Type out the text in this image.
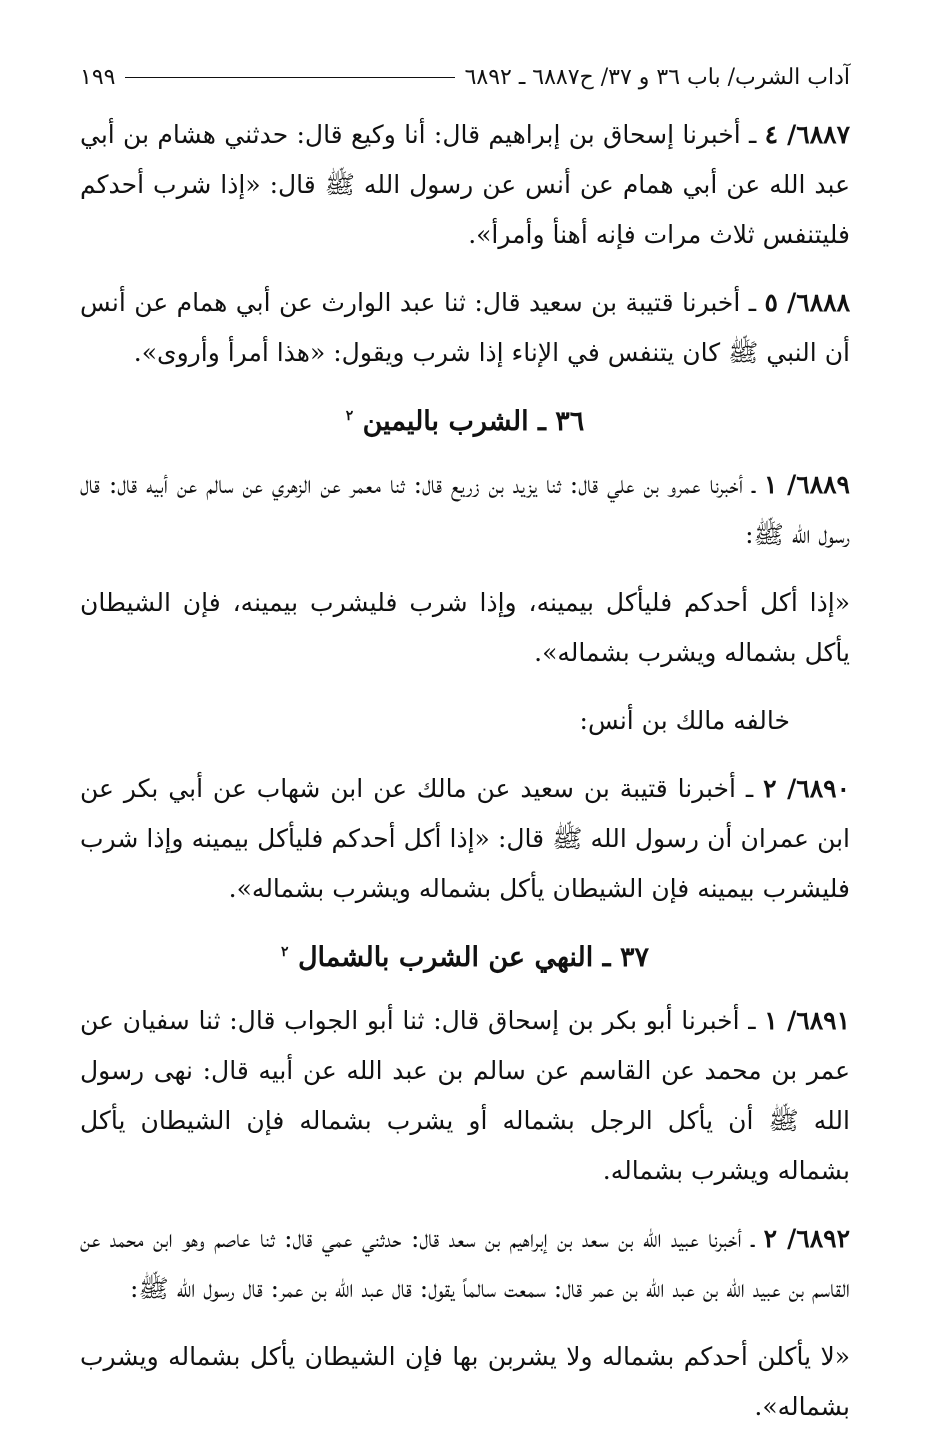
آداب الشرب/ باب ٣٦ و ٣٧/ ح٦٨٨٧ ـ ٦٨٩٢
١٩٩

٦٨٨٧/ ٤ ـ أخبرنا إسحاق بن إبراهيم قال: أنا وكيع قال: حدثني هشام بن أبي عبد الله عن أبي همام عن أنس عن رسول الله ﷺ قال: «إذا شرب أحدكم فليتنفس ثلاث مرات فإنه أهنأ وأمرأ».

٦٨٨٨/ ٥ ـ أخبرنا قتيبة بن سعيد قال: ثنا عبد الوارث عن أبي همام عن أنس أن النبي ﷺ كان يتنفس في الإناء إذا شرب ويقول: «هذا أمرأ وأروى».

٣٦ ـ الشرب باليمين $^٢$

٦٨٨٩/ ١ ـ أخبرنا عمرو بن علي قال: ثنا يزيد بن زريع قال: ثنا معمر عن الزهري عن سالم عن أبيه قال: قال رسول الله ﷺ:

«إذا أكل أحدكم فليأكل بيمينه، وإذا شرب فليشرب بيمينه، فإن الشيطان يأكل بشماله ويشرب بشماله».

خالفه مالك بن أنس:

٦٨٩٠/ ٢ ـ أخبرنا قتيبة بن سعيد عن مالك عن ابن شهاب عن أبي بكر عن ابن عمران أن رسول الله ﷺ قال: «إذا أكل أحدكم فليأكل بيمينه وإذا شرب فليشرب بيمينه فإن الشيطان يأكل بشماله ويشرب بشماله».

٣٧ ـ النهي عن الشرب بالشمال $^٢$

٦٨٩١/ ١ ـ أخبرنا أبو بكر بن إسحاق قال: ثنا أبو الجواب قال: ثنا سفيان عن عمر بن محمد عن القاسم عن سالم بن عبد الله عن أبيه قال: نهى رسول الله ﷺ أن يأكل الرجل بشماله أو يشرب بشماله فإن الشيطان يأكل بشماله ويشرب بشماله.

٦٨٩٢/ ٢ ـ أخبرنا عبيد الله بن سعد بن إبراهيم بن سعد قال: حدثني عمي قال: ثنا عاصم وهو ابن محمد عن القاسم بن عبيد الله بن عبد الله بن عمر قال: سمعت سالماً يقول: قال عبد الله بن عمر: قال رسول الله ﷺ:

«لا يأكلن أحدكم بشماله ولا يشربن بها فإن الشيطان يأكل بشماله ويشرب بشماله».
